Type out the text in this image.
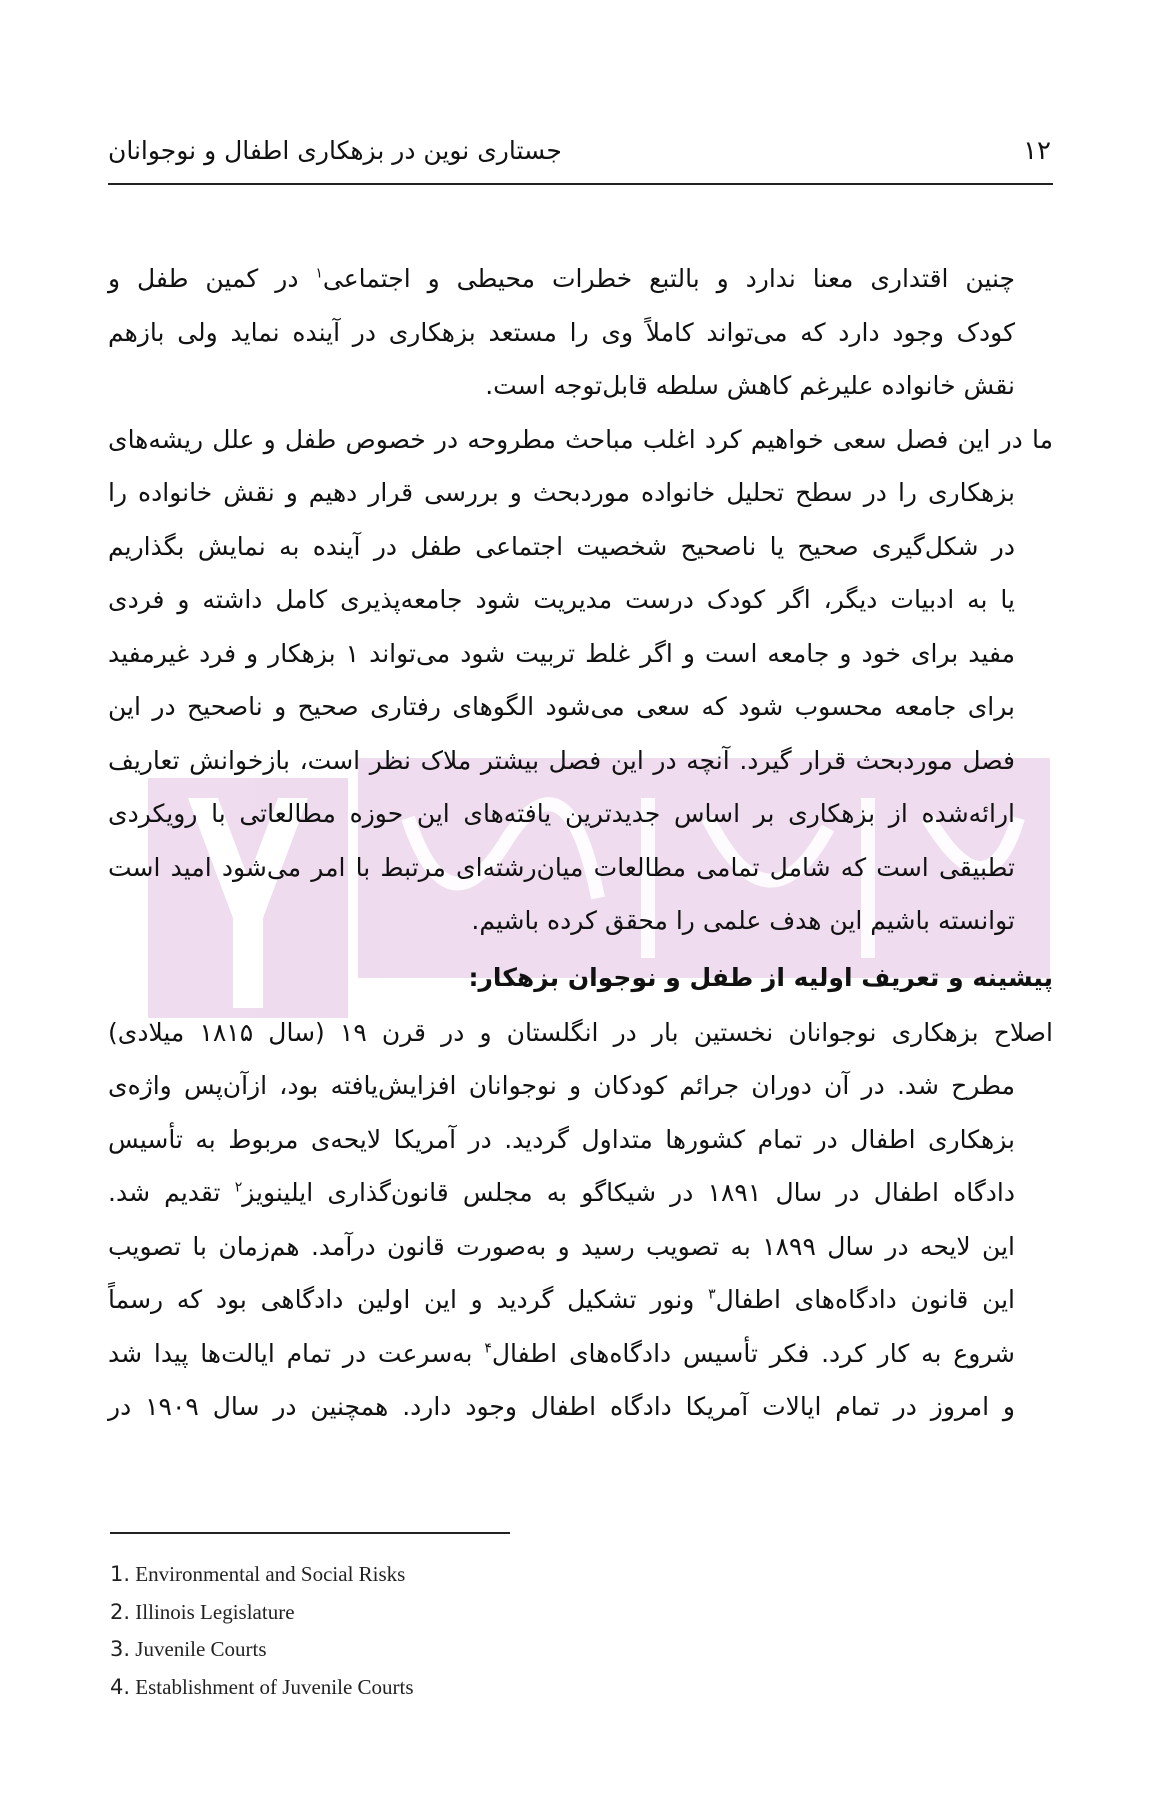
جستاری نوین در بزهکاری اطفال و نوجوانان	۱۲
چنین اقتداری معنا ندارد و بالتبع خطرات محیطی و اجتماعی$^۱$ در کمین طفل و
کودک وجود دارد که می‌تواند کاملاً وی را مستعد بزهکاری در آینده نماید ولی بازهم
نقش خانواده علیرغم کاهش سلطه قابل‌توجه است.
ما در این فصل سعی خواهیم کرد اغلب مباحث مطروحه در خصوص طفل و علل ریشه‌های
بزهکاری را در سطح تحلیل خانواده موردبحث و بررسی قرار دهیم و نقش خانواده را
در شکل‌گیری صحیح یا ناصحیح شخصیت اجتماعی طفل در آینده به نمایش بگذاریم
یا به ادبیات دیگر، اگر کودک درست مدیریت شود جامعه‌پذیری کامل داشته و فردی
مفید برای خود و جامعه است و اگر غلط تربیت شود می‌تواند ۱ بزهکار و فرد غیرمفید
برای جامعه محسوب شود که سعی می‌شود الگوهای رفتاری صحیح و ناصحیح در این
فصل موردبحث قرار گیرد. آنچه در این فصل بیشتر ملاک نظر است، بازخوانش تعاریف
ارائه‌شده از بزهکاری بر اساس جدیدترین یافته‌های این حوزه مطالعاتی با رویکردی
تطبیقی است که شامل تمامی مطالعات میان‌رشته‌ای مرتبط با امر می‌شود امید است
توانسته باشیم این هدف علمی را محقق کرده باشیم.
پیشینه و تعریف اولیه از طفل و نوجوان بزهکار:
اصلاح بزهکاری نوجوانان نخستین بار در انگلستان و در قرن ۱۹ (سال ۱۸۱۵ میلادی)
مطرح شد. در آن دوران جرائم کودکان و نوجوانان افزایش‌یافته بود، ازآن‌پس واژه‌ی
بزهکاری اطفال در تمام کشورها متداول گردید. در آمریکا لایحه‌ی مربوط به تأسیس
دادگاه اطفال در سال ۱۸۹۱ در شیکاگو به مجلس قانون‌گذاری ایلینویز$^۲$ تقدیم شد.
این لایحه در سال ۱۸۹۹ به تصویب رسید و به‌صورت قانون درآمد. هم‌زمان با تصویب
این قانون دادگاه‌های اطفال$^۳$ ونور تشکیل گردید و این اولین دادگاهی بود که رسماً
شروع به کار کرد. فکر تأسیس دادگاه‌های اطفال$^۴$ به‌سرعت در تمام ایالت‌ها پیدا شد
و امروز در تمام ایالات آمریکا دادگاه اطفال وجود دارد. همچنین در سال ۱۹۰۹ در
1. Environmental and Social Risks
2. Illinois Legislature
3. Juvenile Courts
4. Establishment of Juvenile Courts
